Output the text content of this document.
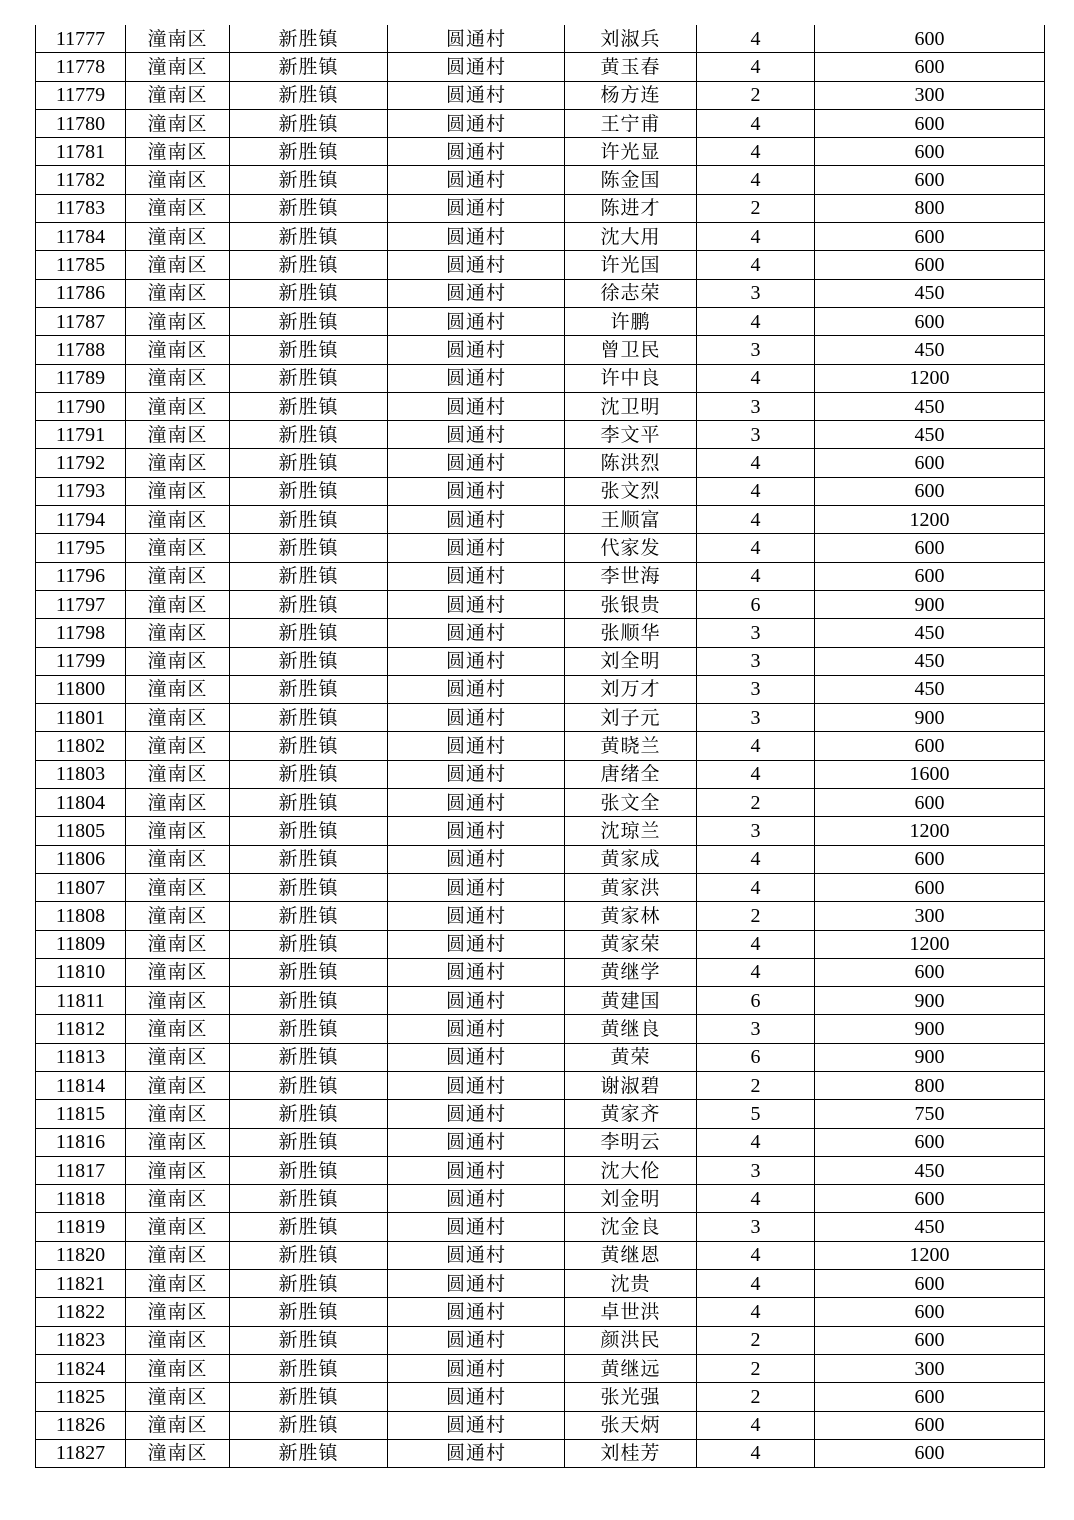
11777	潼南区	新胜镇	圆通村	刘淑兵	4	600
11778	潼南区	新胜镇	圆通村	黄玉春	4	600
11779	潼南区	新胜镇	圆通村	杨方连	2	300
11780	潼南区	新胜镇	圆通村	王宁甫	4	600
11781	潼南区	新胜镇	圆通村	许光显	4	600
11782	潼南区	新胜镇	圆通村	陈金国	4	600
11783	潼南区	新胜镇	圆通村	陈进才	2	800
11784	潼南区	新胜镇	圆通村	沈大用	4	600
11785	潼南区	新胜镇	圆通村	许光国	4	600
11786	潼南区	新胜镇	圆通村	徐志荣	3	450
11787	潼南区	新胜镇	圆通村	许鹏	4	600
11788	潼南区	新胜镇	圆通村	曾卫民	3	450
11789	潼南区	新胜镇	圆通村	许中良	4	1200
11790	潼南区	新胜镇	圆通村	沈卫明	3	450
11791	潼南区	新胜镇	圆通村	李文平	3	450
11792	潼南区	新胜镇	圆通村	陈洪烈	4	600
11793	潼南区	新胜镇	圆通村	张文烈	4	600
11794	潼南区	新胜镇	圆通村	王顺富	4	1200
11795	潼南区	新胜镇	圆通村	代家发	4	600
11796	潼南区	新胜镇	圆通村	李世海	4	600
11797	潼南区	新胜镇	圆通村	张银贵	6	900
11798	潼南区	新胜镇	圆通村	张顺华	3	450
11799	潼南区	新胜镇	圆通村	刘全明	3	450
11800	潼南区	新胜镇	圆通村	刘万才	3	450
11801	潼南区	新胜镇	圆通村	刘子元	3	900
11802	潼南区	新胜镇	圆通村	黄晓兰	4	600
11803	潼南区	新胜镇	圆通村	唐绪全	4	1600
11804	潼南区	新胜镇	圆通村	张文全	2	600
11805	潼南区	新胜镇	圆通村	沈琼兰	3	1200
11806	潼南区	新胜镇	圆通村	黄家成	4	600
11807	潼南区	新胜镇	圆通村	黄家洪	4	600
11808	潼南区	新胜镇	圆通村	黄家林	2	300
11809	潼南区	新胜镇	圆通村	黄家荣	4	1200
11810	潼南区	新胜镇	圆通村	黄继学	4	600
11811	潼南区	新胜镇	圆通村	黄建国	6	900
11812	潼南区	新胜镇	圆通村	黄继良	3	900
11813	潼南区	新胜镇	圆通村	黄荣	6	900
11814	潼南区	新胜镇	圆通村	谢淑碧	2	800
11815	潼南区	新胜镇	圆通村	黄家齐	5	750
11816	潼南区	新胜镇	圆通村	李明云	4	600
11817	潼南区	新胜镇	圆通村	沈大伦	3	450
11818	潼南区	新胜镇	圆通村	刘金明	4	600
11819	潼南区	新胜镇	圆通村	沈金良	3	450
11820	潼南区	新胜镇	圆通村	黄继恩	4	1200
11821	潼南区	新胜镇	圆通村	沈贵	4	600
11822	潼南区	新胜镇	圆通村	卓世洪	4	600
11823	潼南区	新胜镇	圆通村	颜洪民	2	600
11824	潼南区	新胜镇	圆通村	黄继远	2	300
11825	潼南区	新胜镇	圆通村	张光强	2	600
11826	潼南区	新胜镇	圆通村	张天炳	4	600
11827	潼南区	新胜镇	圆通村	刘桂芳	4	600
